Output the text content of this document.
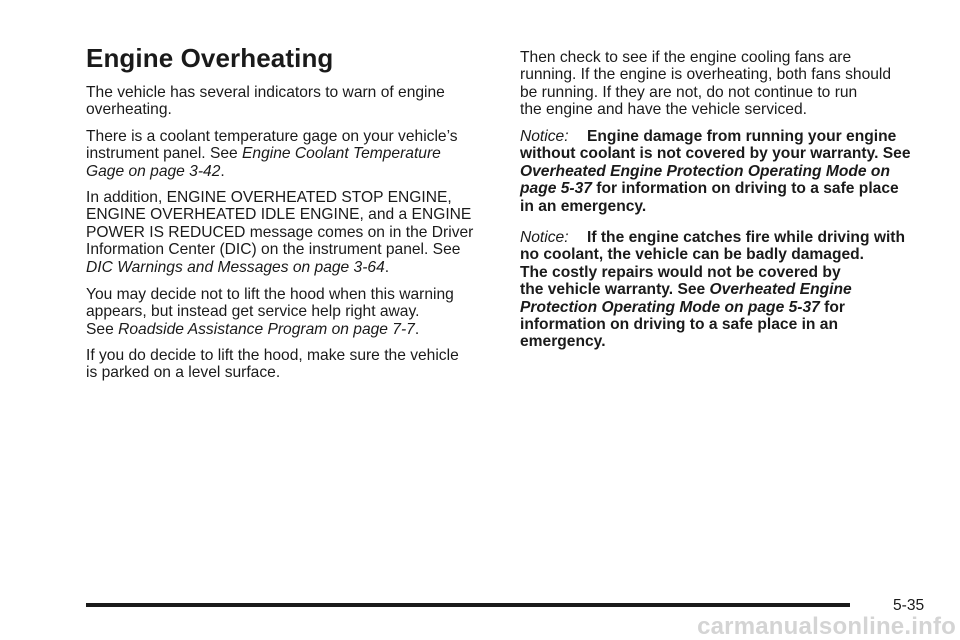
Engine Overheating

The vehicle has several indicators to warn of engine
overheating.

There is a coolant temperature gage on your vehicle’s
instrument panel. See Engine Coolant Temperature
Gage on page 3-42.

In addition, ENGINE OVERHEATED STOP ENGINE,
ENGINE OVERHEATED IDLE ENGINE, and a ENGINE
POWER IS REDUCED message comes on in the Driver
Information Center (DIC) on the instrument panel. See
DIC Warnings and Messages on page 3-64.

You may decide not to lift the hood when this warning
appears, but instead get service help right away.
See Roadside Assistance Program on page 7-7.

If you do decide to lift the hood, make sure the vehicle
is parked on a level surface.

Then check to see if the engine cooling fans are
running. If the engine is overheating, both fans should
be running. If they are not, do not continue to run
the engine and have the vehicle serviced.

Notice: Engine damage from running your engine
without coolant is not covered by your warranty. See
Overheated Engine Protection Operating Mode on
page 5-37 for information on driving to a safe place
in an emergency.

Notice: If the engine catches fire while driving with
no coolant, the vehicle can be badly damaged.
The costly repairs would not be covered by
the vehicle warranty. See Overheated Engine
Protection Operating Mode on page 5-37 for
information on driving to a safe place in an
emergency.

5-35
carmanualsonline.info
